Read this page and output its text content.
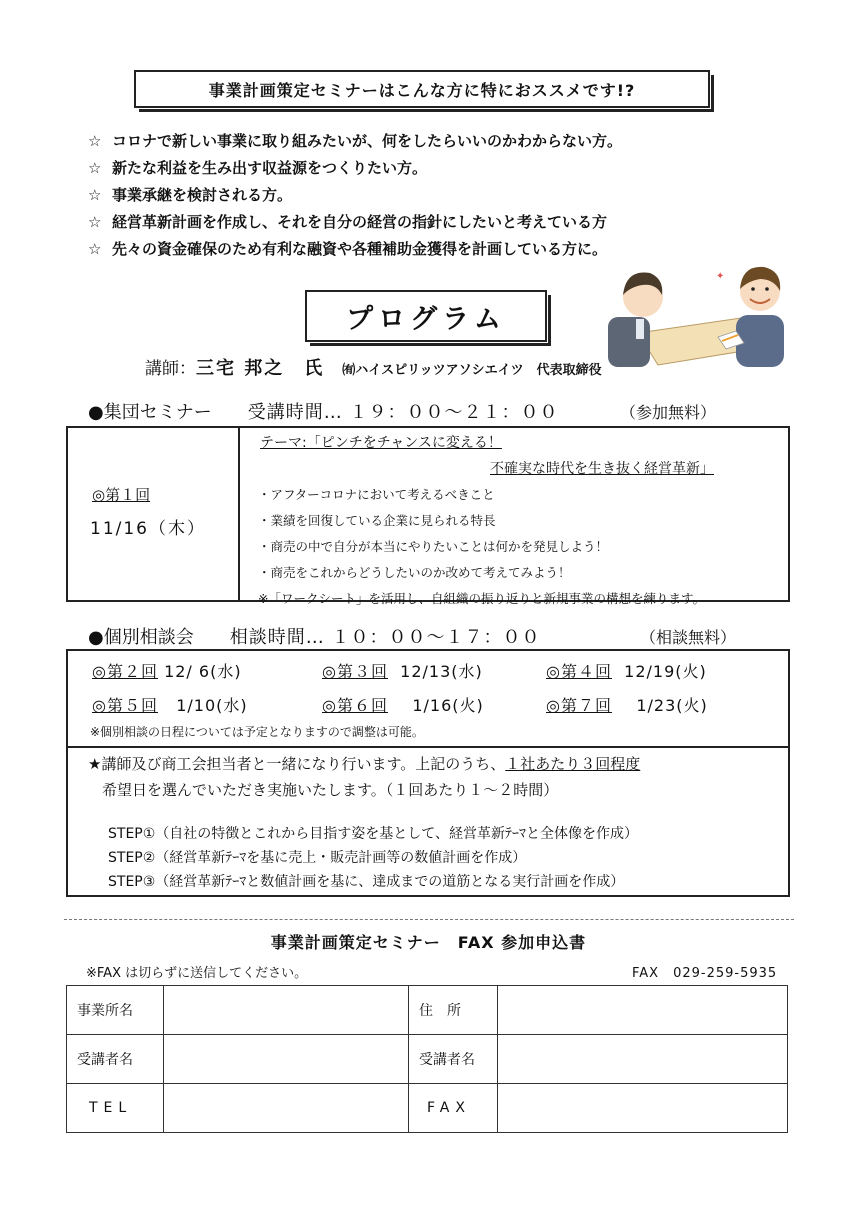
事業計画策定セミナーはこんな方に特におススメです!?
☆ コロナで新しい事業に取り組みたいが、何をしたらいいのかわからない方。
☆ 新たな利益を生み出す収益源をつくりたい方。
☆ 事業承継を検討される方。
☆ 経営革新計画を作成し、それを自分の経営の指針にしたいと考えている方
☆ 先々の資金確保のため有利な融資や各種補助金獲得を計画している方に。
✦
プログラム
講師：三宅 邦之　氏 ㈲ハイスピリッツアソシエイツ　代表取締役
●集団セミナー 受講時間… １９：００～２１：００	（参加無料）
◎第１回
11/16（木）
テーマ:「ピンチをチャンスに変える！
不確実な時代を生き抜く経営革新」
・アフターコロナにおいて考えるべきこと
・業績を回復している企業に見られる特長
・商売の中で自分が本当にやりたいことは何かを発見しよう！
・商売をこれからどうしたいのか改めて考えてみよう！
※「ワークシート」を活用し、自組織の振り返りと新規事業の構想を練ります。
●個別相談会 相談時間… １０：００～１７：００	（相談無料）
◎第２回 12/ 6(水)	◎第３回 12/13(水)	◎第４回 12/19(火)
◎第５回 1/10(水)	◎第６回 1/16(火)	◎第７回 1/23(火)
※個別相談の日程については予定となりますので調整は可能。
★講師及び商工会担当者と一緒になり行います。上記のうち、１社あたり３回程度
希望日を選んでいただき実施いたします。（１回あたり１～２時間）
STEP①（自社の特徴とこれから目指す姿を基として、経営革新ﾃｰﾏと全体像を作成）
STEP②（経営革新ﾃｰﾏを基に売上・販売計画等の数値計画を作成）
STEP③（経営革新ﾃｰﾏと数値計画を基に、達成までの道筋となる実行計画を作成）
事業計画策定セミナー　FAX 参加申込書
※FAX は切らずに送信してください。	FAX　029-259-5935
事業所名		住　所	
受講者名		受講者名	
TEL		FAX	
